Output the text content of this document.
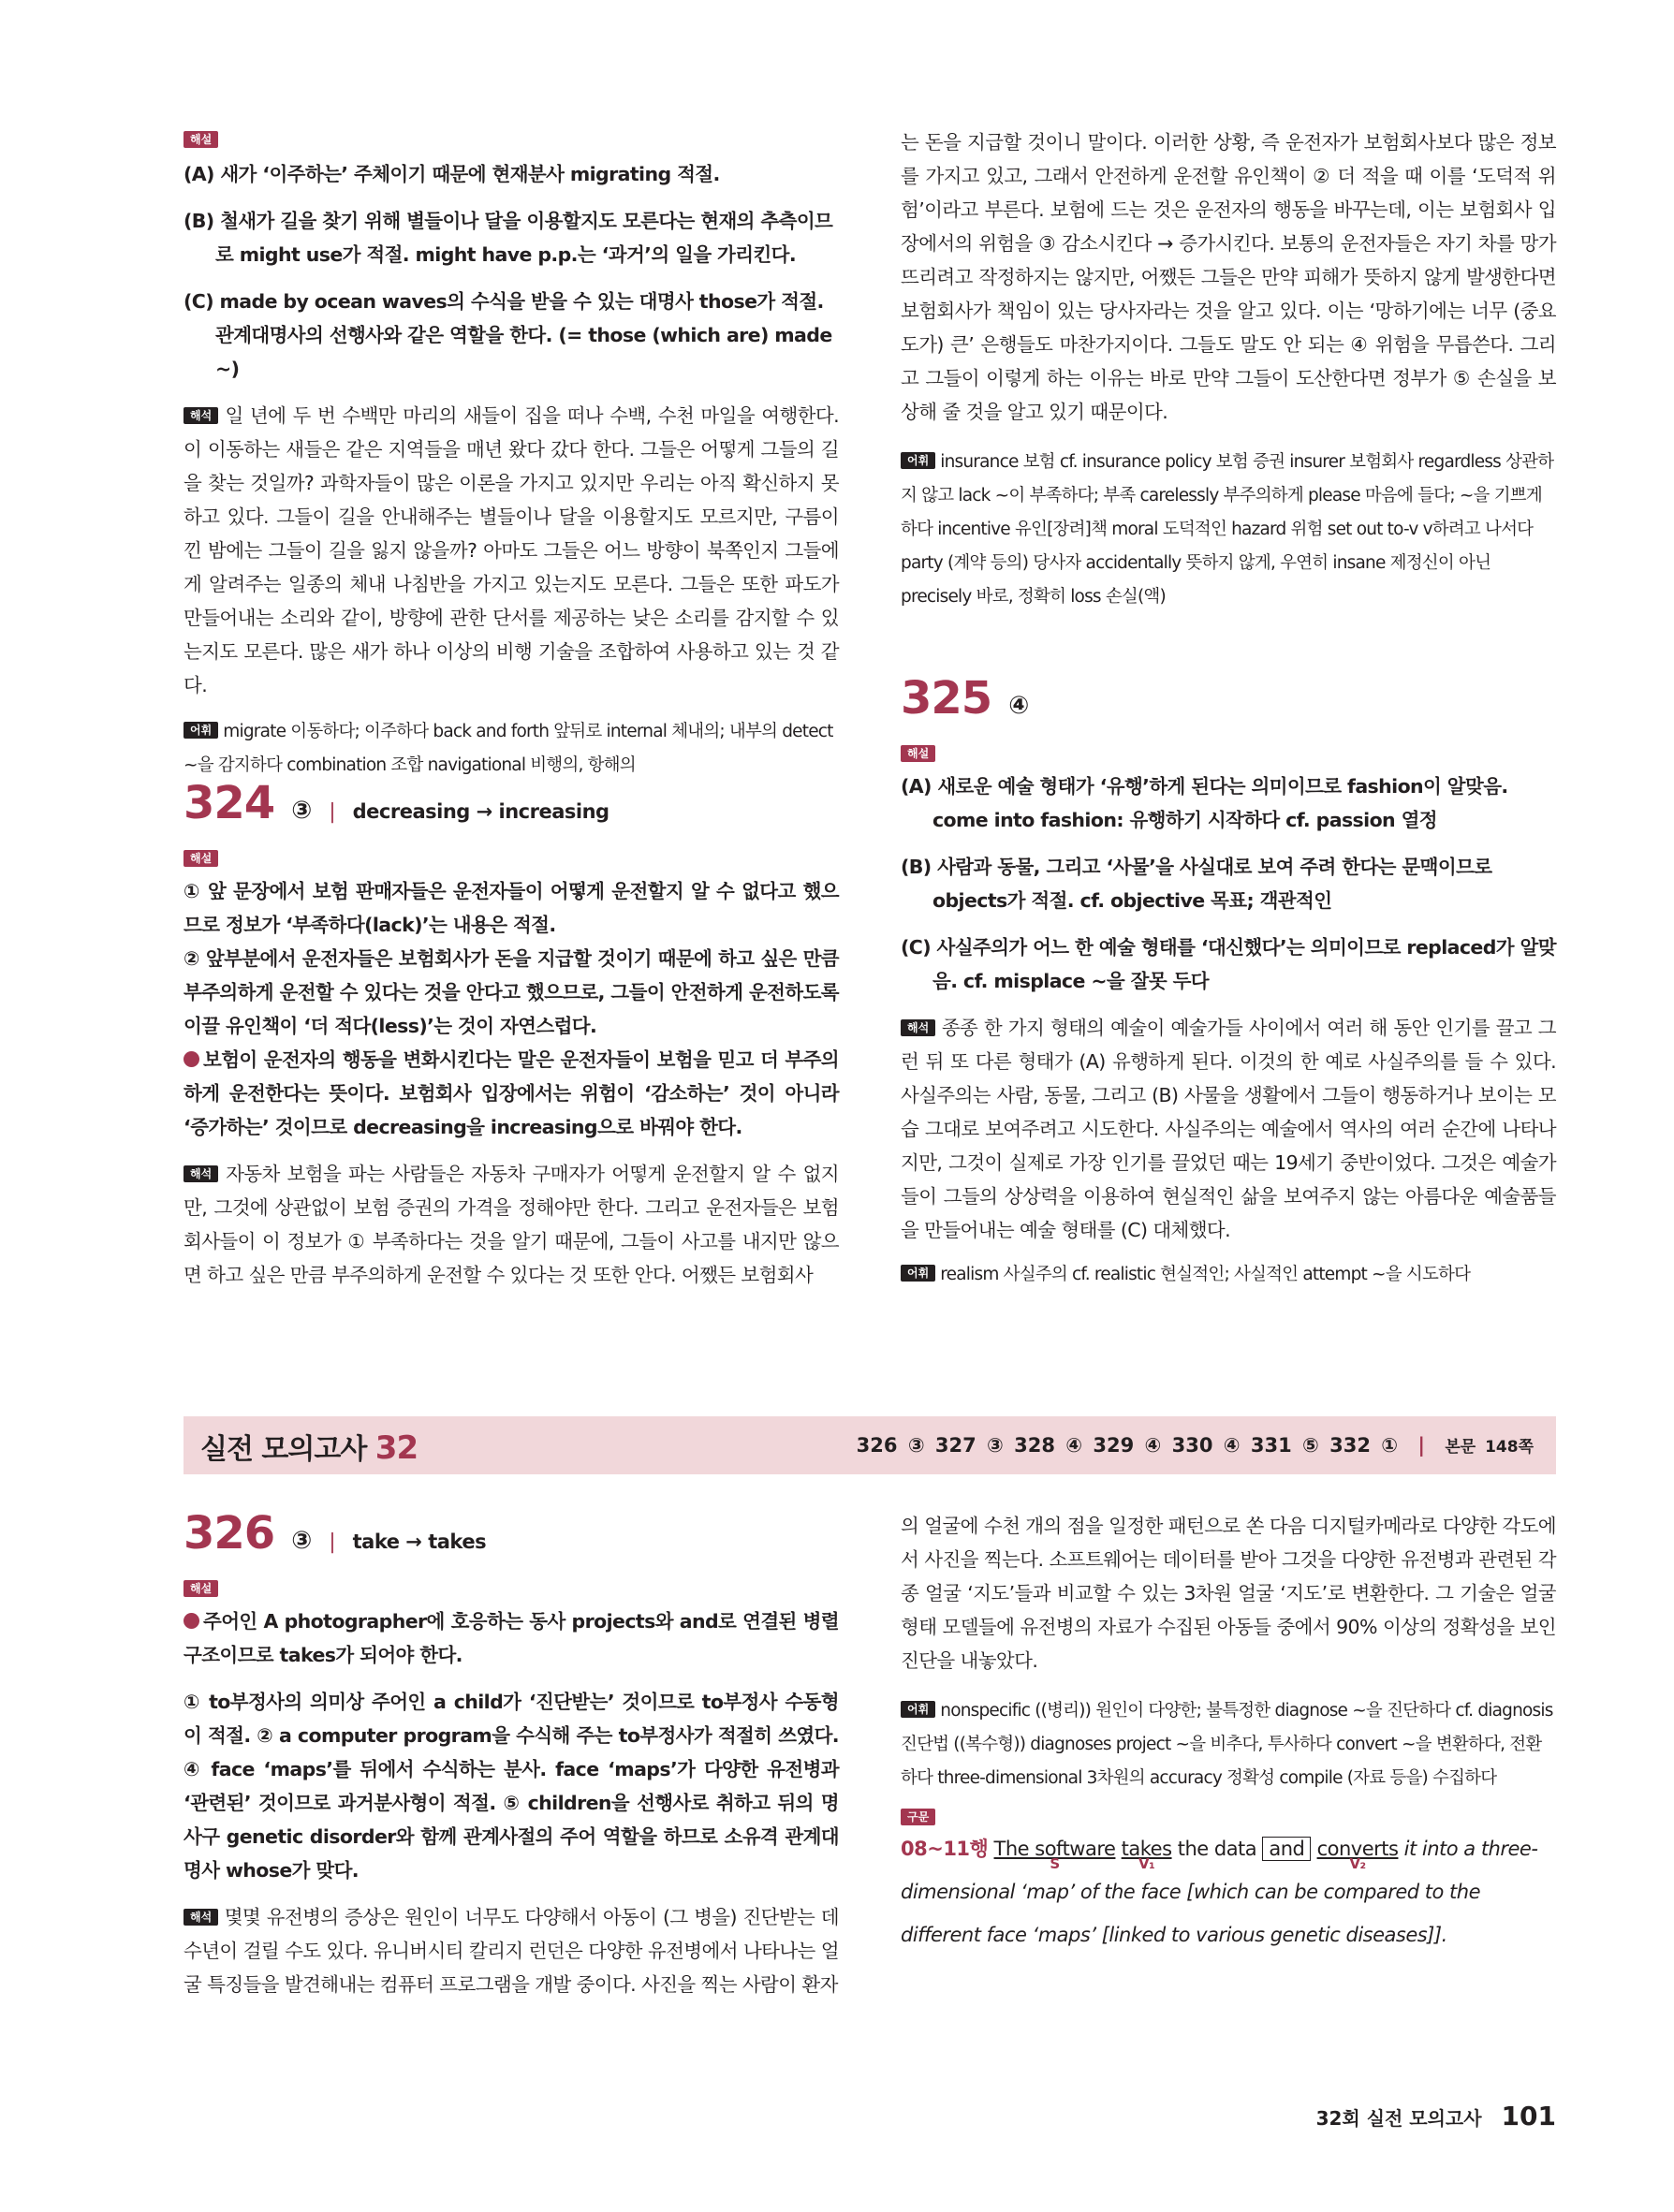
해설

(A) 새가 ‘이주하는’ 주체이기 때문에 현재분사 migrating 적절.

(B) 철새가 길을 찾기 위해 별들이나 달을 이용할지도 모른다는 현재의 추측이므로 might use가 적절. might have p.p.는 ‘과거’의 일을 가리킨다.

(C) made by ocean waves의 수식을 받을 수 있는 대명사 those가 적절. 관계대명사의 선행사와 같은 역할을 한다. (= those (which are) made ~)

해석 일 년에 두 번 수백만 마리의 새들이 집을 떠나 수백, 수천 마일을 여행한다. 이 이동하는 새들은 같은 지역들을 매년 왔다 갔다 한다. 그들은 어떻게 그들의 길을 찾는 것일까? 과학자들이 많은 이론을 가지고 있지만 우리는 아직 확신하지 못하고 있다. 그들이 길을 안내해주는 별들이나 달을 이용할지도 모르지만, 구름이 낀 밤에는 그들이 길을 잃지 않을까? 아마도 그들은 어느 방향이 북쪽인지 그들에게 알려주는 일종의 체내 나침반을 가지고 있는지도 모른다. 그들은 또한 파도가 만들어내는 소리와 같이, 방향에 관한 단서를 제공하는 낮은 소리를 감지할 수 있는지도 모른다. 많은 새가 하나 이상의 비행 기술을 조합하여 사용하고 있는 것 같다.

어휘 migrate 이동하다; 이주하다 back and forth 앞뒤로 internal 체내의; 내부의 detect ~을 감지하다 combination 조합 navigational 비행의, 항해의

324 ③ | decreasing → increasing
해설

① 앞 문장에서 보험 판매자들은 운전자들이 어떻게 운전할지 알 수 없다고 했으므로 정보가 ‘부족하다(lack)’는 내용은 적절.

② 앞부분에서 운전자들은 보험회사가 돈을 지급할 것이기 때문에 하고 싶은 만큼 부주의하게 운전할 수 있다는 것을 안다고 했으므로, 그들이 안전하게 운전하도록 이끌 유인책이 ‘더 적다(less)’는 것이 자연스럽다.

보험이 운전자의 행동을 변화시킨다는 말은 운전자들이 보험을 믿고 더 부주의하게 운전한다는 뜻이다. 보험회사 입장에서는 위험이 ‘감소하는’ 것이 아니라 ‘증가하는’ 것이므로 decreasing을 increasing으로 바꿔야 한다.

해석 자동차 보험을 파는 사람들은 자동차 구매자가 어떻게 운전할지 알 수 없지만, 그것에 상관없이 보험 증권의 가격을 정해야만 한다. 그리고 운전자들은 보험회사들이 이 정보가 ① 부족하다는 것을 알기 때문에, 그들이 사고를 내지만 않으면 하고 싶은 만큼 부주의하게 운전할 수 있다는 것 또한 안다. 어쨌든 보험회사

는 돈을 지급할 것이니 말이다. 이러한 상황, 즉 운전자가 보험회사보다 많은 정보를 가지고 있고, 그래서 안전하게 운전할 유인책이 ② 더 적을 때 이를 ‘도덕적 위험’이라고 부른다. 보험에 드는 것은 운전자의 행동을 바꾸는데, 이는 보험회사 입장에서의 위험을 ③ 감소시킨다 → 증가시킨다. 보통의 운전자들은 자기 차를 망가뜨리려고 작정하지는 않지만, 어쨌든 그들은 만약 피해가 뜻하지 않게 발생한다면 보험회사가 책임이 있는 당사자라는 것을 알고 있다. 이는 ‘망하기에는 너무 (중요도가) 큰’ 은행들도 마찬가지이다. 그들도 말도 안 되는 ④ 위험을 무릅쓴다. 그리고 그들이 이렇게 하는 이유는 바로 만약 그들이 도산한다면 정부가 ⑤ 손실을 보상해 줄 것을 알고 있기 때문이다.

어휘 insurance 보험 cf. insurance policy 보험 증권 insurer 보험회사 regardless 상관하지 않고 lack ~이 부족하다; 부족 carelessly 부주의하게 please 마음에 들다; ~을 기쁘게 하다 incentive 유인[장려]책 moral 도덕적인 hazard 위험 set out to-v v하려고 나서다 party (계약 등의) 당사자 accidentally 뜻하지 않게, 우연히 insane 제정신이 아닌 precisely 바로, 정확히 loss 손실(액)

325 ④
해설

(A) 새로운 예술 형태가 ‘유행’하게 된다는 의미이므로 fashion이 알맞음. come into fashion: 유행하기 시작하다 cf. passion 열정

(B) 사람과 동물, 그리고 ‘사물’을 사실대로 보여 주려 한다는 문맥이므로 objects가 적절. cf. objective 목표; 객관적인

(C) 사실주의가 어느 한 예술 형태를 ‘대신했다’는 의미이므로 replaced가 알맞음. cf. misplace ~을 잘못 두다

해석 종종 한 가지 형태의 예술이 예술가들 사이에서 여러 해 동안 인기를 끌고 그런 뒤 또 다른 형태가 (A) 유행하게 된다. 이것의 한 예로 사실주의를 들 수 있다. 사실주의는 사람, 동물, 그리고 (B) 사물을 생활에서 그들이 행동하거나 보이는 모습 그대로 보여주려고 시도한다. 사실주의는 예술에서 역사의 여러 순간에 나타나지만, 그것이 실제로 가장 인기를 끌었던 때는 19세기 중반이었다. 그것은 예술가들이 그들의 상상력을 이용하여 현실적인 삶을 보여주지 않는 아름다운 예술품들을 만들어내는 예술 형태를 (C) 대체했다.

어휘 realism 사실주의 cf. realistic 현실적인; 사실적인 attempt ~을 시도하다

실전 모의고사 32	326 ③ 327 ③ 328 ④ 329 ④ 330 ④ 331 ⑤ 332 ① | 본문 148쪽
326 ③ | take → takes
해설

주어인 A photographer에 호응하는 동사 projects와 and로 연결된 병렬구조이므로 takes가 되어야 한다.

① to부정사의 의미상 주어인 a child가 ‘진단받는’ 것이므로 to부정사 수동형이 적절. ② a computer program을 수식해 주는 to부정사가 적절히 쓰였다. ④ face ‘maps’를 뒤에서 수식하는 분사. face ‘maps’가 다양한 유전병과 ‘관련된’ 것이므로 과거분사형이 적절. ⑤ children을 선행사로 취하고 뒤의 명사구 genetic disorder와 함께 관계사절의 주어 역할을 하므로 소유격 관계대명사 whose가 맞다.

해석 몇몇 유전병의 증상은 원인이 너무도 다양해서 아동이 (그 병을) 진단받는 데 수년이 걸릴 수도 있다. 유니버시티 칼리지 런던은 다양한 유전병에서 나타나는 얼굴 특징들을 발견해내는 컴퓨터 프로그램을 개발 중이다. 사진을 찍는 사람이 환자

의 얼굴에 수천 개의 점을 일정한 패턴으로 쏜 다음 디지털카메라로 다양한 각도에서 사진을 찍는다. 소프트웨어는 데이터를 받아 그것을 다양한 유전병과 관련된 각종 얼굴 ‘지도’들과 비교할 수 있는 3차원 얼굴 ‘지도’로 변환한다. 그 기술은 얼굴 형태 모델들에 유전병의 자료가 수집된 아동들 중에서 90% 이상의 정확성을 보인 진단을 내놓았다.

어휘 nonspecific ((병리)) 원인이 다양한; 불특정한 diagnose ~을 진단하다 cf. diagnosis 진단법 ((복수형)) diagnoses project ~을 비추다, 투사하다 convert ~을 변환하다, 전환하다 three-dimensional 3차원의 accuracy 정확성 compile (자료 등을) 수집하다

구문

08~11행 The software
S
takes
V₁
the data and converts
V₂
it into a three-dimensional ‘map’ of the face [which can be compared to the different face ‘maps’ [linked to various genetic diseases]].

32회 실전 모의고사 101
